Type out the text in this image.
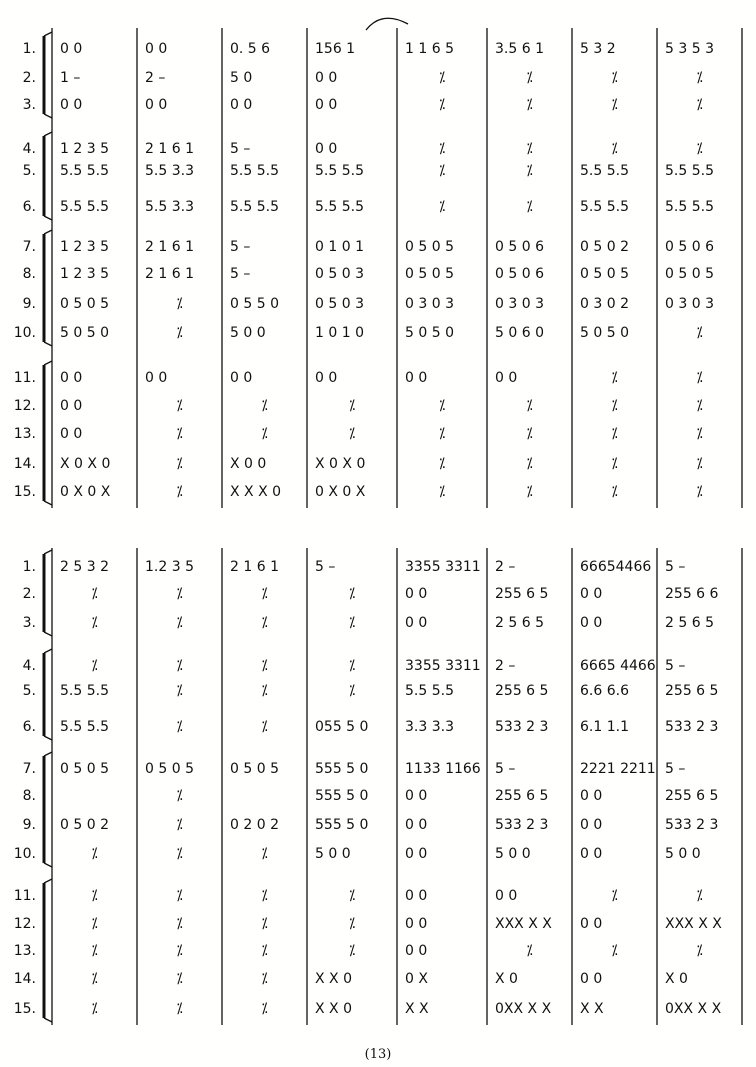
1.
2.
3.
4.
5.
6.
7.
8.
9.
10.
11.
12.
13.
14.
15.
0 0
1 –
0 0
1 2 3 5
5.5 5.5
5.5 5.5
1 2 3 5
1 2 3 5
0 5 0 5
5 0 5 0
0 0
0 0
0 0
X 0 X 0
0 X 0 X
0 0
2 –
0 0
2 1 6 1
5.5 3.3
5.5 3.3
2 1 6 1
2 1 6 1
⁒
⁒
0 0
⁒
⁒
⁒
⁒
0. 5 6
5 0
0 0
5 –
5.5 5.5
5.5 5.5
5 –
5 –
0 5 5 0
5 0 0
0 0
⁒
⁒
X 0 0
X X X 0
156 1
0 0
0 0
0 0
5.5 5.5
5.5 5.5
0 1 0 1
0 5 0 3
0 5 0 3
1 0 1 0
0 0
⁒
⁒
X 0 X 0
0 X 0 X
1 1 6 5
⁒
⁒
⁒
⁒
⁒
0 5 0 5
0 5 0 5
0 3 0 3
5 0 5 0
0 0
⁒
⁒
⁒
⁒
3.5 6 1
⁒
⁒
⁒
⁒
⁒
0 5 0 6
0 5 0 6
0 3 0 3
5 0 6 0
0 0
⁒
⁒
⁒
⁒
5 3 2
⁒
⁒
⁒
5.5 5.5
5.5 5.5
0 5 0 2
0 5 0 5
0 3 0 2
5 0 5 0
⁒
⁒
⁒
⁒
⁒
5 3 5 3
⁒
⁒
⁒
5.5 5.5
5.5 5.5
0 5 0 6
0 5 0 5
0 3 0 3
⁒
⁒
⁒
⁒
⁒
⁒
1.
2.
3.
4.
5.
6.
7.
8.
9.
10.
11.
12.
13.
14.
15.
2 5 3 2
⁒
⁒
⁒
5.5 5.5
5.5 5.5
0 5 0 5
0 5 0 2
⁒
⁒
⁒
⁒
⁒
⁒
1.2 3 5
⁒
⁒
⁒
⁒
⁒
0 5 0 5
⁒
⁒
⁒
⁒
⁒
⁒
⁒
⁒
2 1 6 1
⁒
⁒
⁒
⁒
⁒
0 5 0 5
0 2 0 2
⁒
⁒
⁒
⁒
⁒
⁒
5 –
⁒
⁒
⁒
⁒
055 5 0
555 5 0
555 5 0
555 5 0
5 0 0
⁒
⁒
⁒
X X 0
X X 0
3355 3311
0 0
0 0
3355 3311
5.5 5.5
3.3 3.3
1133 1166
0 0
0 0
0 0
0 0
0 0
0 0
0 X
X X
2 –
255 6 5
2 5 6 5
2 –
255 6 5
533 2 3
5 –
255 6 5
533 2 3
5 0 0
0 0
XXX X X
⁒
X 0
0XX X X
66654466
0 0
0 0
6665 4466
6.6 6.6
6.1 1.1
2221 2211
0 0
0 0
0 0
⁒
0 0
⁒
0 0
X X
5 –
255 6 6
2 5 6 5
5 –
255 6 5
533 2 3
5 –
255 6 5
533 2 3
5 0 0
⁒
XXX X X
⁒
X 0
0XX X X
(13)
